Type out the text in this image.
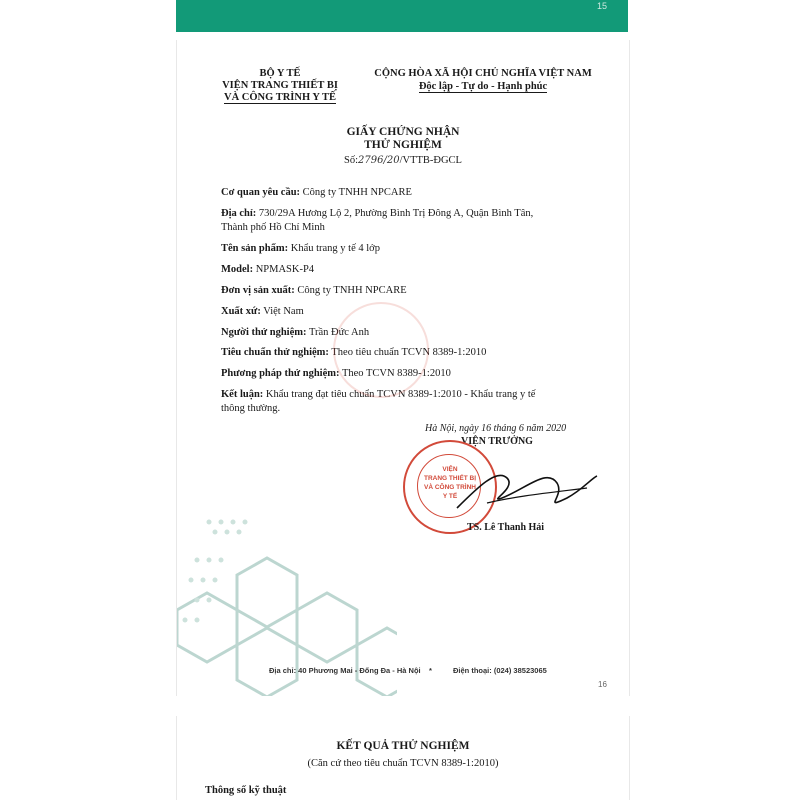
15
BỘ Y TẾ
VIỆN TRANG THIẾT BỊ
VÀ CÔNG TRÌNH Y TẾ
CỘNG HÒA XÃ HỘI CHỦ NGHĨA VIỆT NAM
Độc lập - Tự do - Hạnh phúc
GIẤY CHỨNG NHẬN
THỬ NGHIỆM
Số:2796/20/VTTB-ĐGCL
Cơ quan yêu cầu: Công ty TNHH NPCARE
Địa chỉ: 730/29A Hương Lộ 2, Phường Bình Trị Đông A, Quận Bình Tân,
Thành phố Hồ Chí Minh
Tên sản phẩm: Khẩu trang y tế 4 lớp
Model: NPMASK-P4
Đơn vị sản xuất: Công ty TNHH NPCARE
Xuất xứ: Việt Nam
Người thử nghiệm: Trần Đức Anh
Tiêu chuẩn thử nghiệm: Theo tiêu chuẩn TCVN 8389-1:2010
Phương pháp thử nghiệm: Theo TCVN 8389-1:2010
Kết luận: Khẩu trang đạt tiêu chuẩn TCVN 8389-1:2010 - Khẩu trang y tế
thông thường.
Hà Nội, ngày 16 tháng 6 năm 2020
VIỆN TRƯỞNG
VIỆN
TRANG THIẾT BỊ
VÀ CÔNG TRÌNH
Y TẾ
TS. Lê Thanh Hải
Địa chỉ: 40 Phương Mai - Đống Đa - Hà Nội *	Điện thoại: (024) 38523065
16
KẾT QUẢ THỬ NGHIỆM
(Căn cứ theo tiêu chuẩn TCVN 8389-1:2010)
Thông số kỹ thuật
